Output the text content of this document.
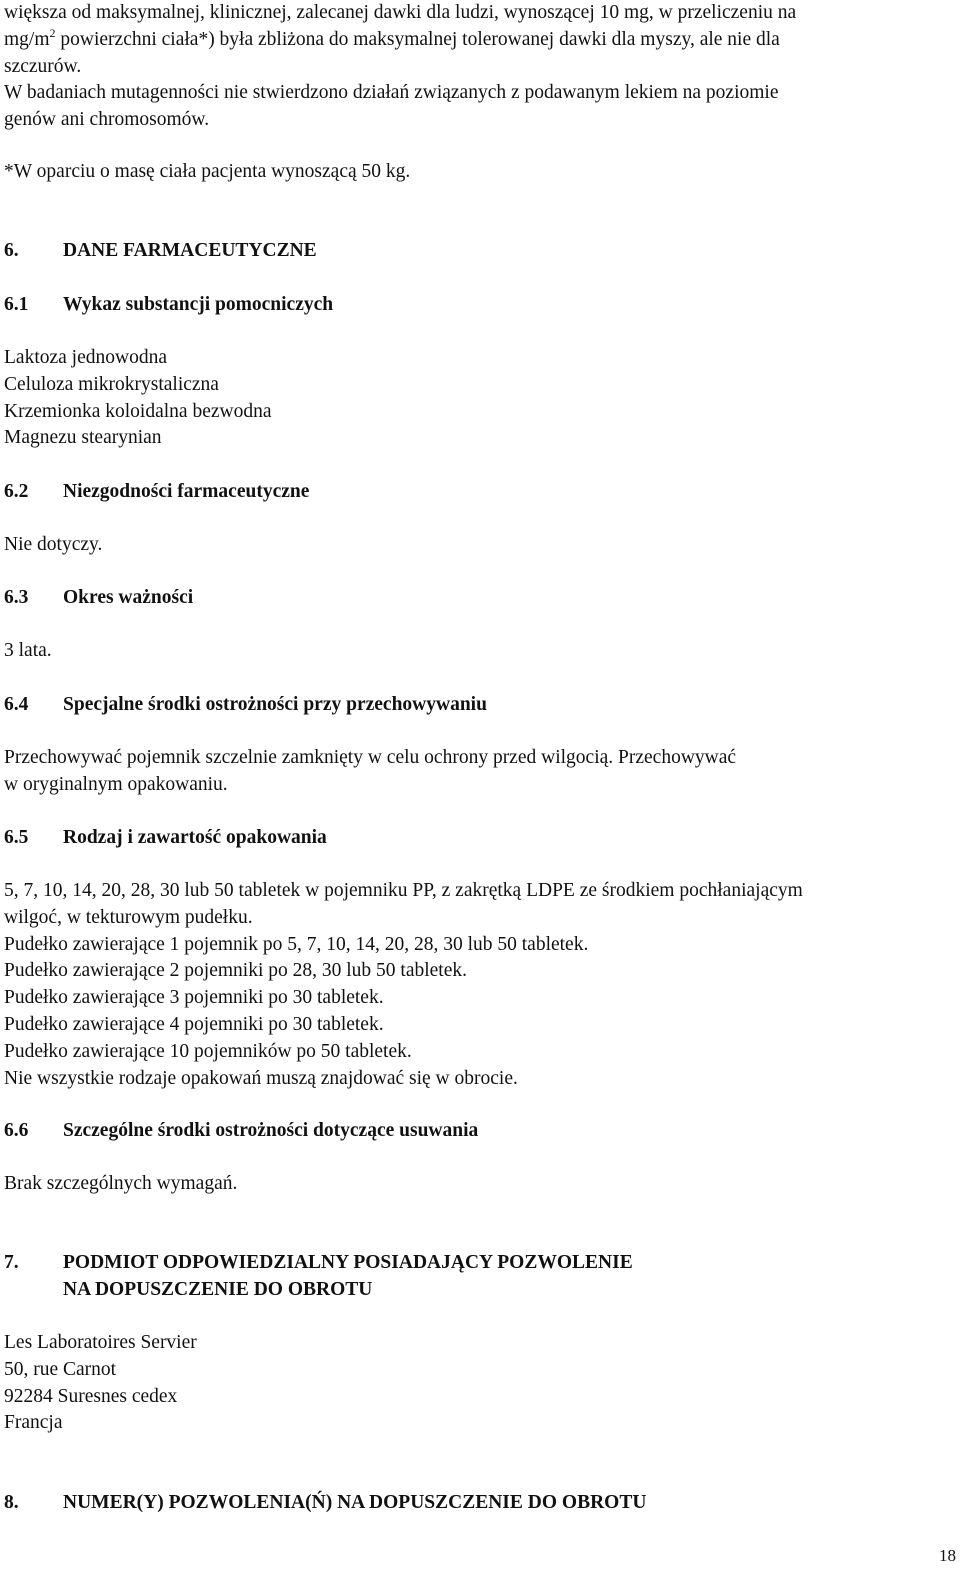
większa od maksymalnej, klinicznej, zalecanej dawki dla ludzi, wynoszącej 10 mg, w przeliczeniu na
$mg/m^2$ powierzchni ciała*) była zbliżona do maksymalnej tolerowanej dawki dla myszy, ale nie dla
szczurów.
W badaniach mutagenności nie stwierdzono działań związanych z podawanym lekiem na poziomie
genów ani chromosomów.
*W oparciu o masę ciała pacjenta wynoszącą 50 kg.
6. DANE FARMACEUTYCZNE
6.1 Wykaz substancji pomocniczych
Laktoza jednowodna
Celuloza mikrokrystaliczna
Krzemionka koloidalna bezwodna
Magnezu stearynian
6.2 Niezgodności farmaceutyczne
Nie dotyczy.
6.3 Okres ważności
3 lata.
6.4 Specjalne środki ostrożności przy przechowywaniu
Przechowywać pojemnik szczelnie zamknięty w celu ochrony przed wilgocią. Przechowywać
w oryginalnym opakowaniu.
6.5 Rodzaj i zawartość opakowania
5, 7, 10, 14, 20, 28, 30 lub 50 tabletek w pojemniku PP, z zakrętką LDPE ze środkiem pochłaniającym
wilgoć, w tekturowym pudełku.
Pudełko zawierające 1 pojemnik po 5, 7, 10, 14, 20, 28, 30 lub 50 tabletek.
Pudełko zawierające 2 pojemniki po 28, 30 lub 50 tabletek.
Pudełko zawierające 3 pojemniki po 30 tabletek.
Pudełko zawierające 4 pojemniki po 30 tabletek.
Pudełko zawierające 10 pojemników po 50 tabletek.
Nie wszystkie rodzaje opakowań muszą znajdować się w obrocie.
6.6 Szczególne środki ostrożności dotyczące usuwania
Brak szczególnych wymagań.
7. PODMIOT ODPOWIEDZIALNY POSIADAJĄCY POZWOLENIE
NA DOPUSZCZENIE DO OBROTU
Les Laboratoires Servier
50, rue Carnot
92284 Suresnes cedex
Francja
8. NUMER(Y) POZWOLENIA(Ń) NA DOPUSZCZENIE DO OBROTU
18
